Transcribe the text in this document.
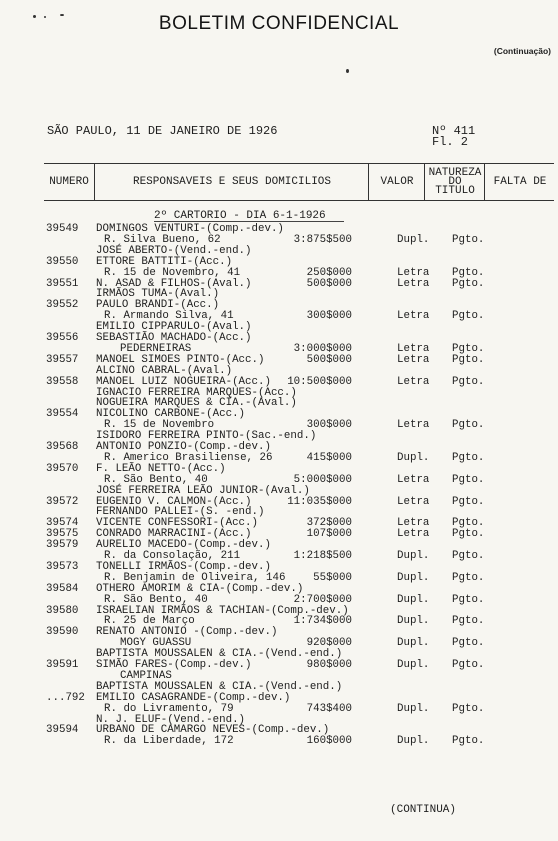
BOLETIM CONFIDENCIAL
(Continuação)
SÃO PAULO, 11 DE JANEIRO DE 1926	Nº 411
Fl. 2
NUMERO	RESPONSAVEIS E SEUS DOMICILIOS	VALOR
NATUREZA
DO
TITULO
FALTA DE
2º CARTORIO - DIA 6-1-1926
39549 DOMINGOS VENTURI-(Comp.-dev.)
R. Silva Bueno, 62	3:875$500	Dupl. Pgto.
JOSÉ ABERTO-(Vend.-end.)
39550 ETTORE BATTITI-(Acc.)
R. 15 de Novembro, 41	250$000	Letra Pgto.
39551 N. ASAD & FILHOS-(Aval.)	500$000	Letra Pgto.
IRMÃOS TUMA-(Aval.)
39552 PAULO BRANDI-(Acc.)
R. Armando Silva, 41	300$000	Letra Pgto.
EMILIO CIPPARULO-(Aval.)
39556 SEBASTIÃO MACHADO-(Acc.)
PEDERNEIRAS	3:000$000	Letra Pgto.
39557 MANOEL SIMOES PINTO-(Acc.)	500$000	Letra Pgto.
ALCINO CABRAL-(Aval.)
39558 MANOEL LUIZ NOGUEIRA-(Acc.) 10:500$000	Letra Pgto.
IGNACIO FERREIRA MARQUES-(Acc.)
NOGUEIRA MARQUES & CIA.-(Aval.)
39554 NICOLINO CARBONE-(Acc.)
R. 15 de Novembro	300$000	Letra Pgto.
ISIDORO FERREIRA PINTO-(Sac.-end.)
39568 ANTONIO PONZIO-(Comp.-dev.)
R. Americo Brasiliense, 26	415$000	Dupl. Pgto.
39570 F. LEÃO NETTO-(Acc.)
R. São Bento, 40	5:000$000	Letra Pgto.
JOSÉ FERREIRA LEÃO JUNIOR-(Aval.)
39572 EUGENIO V. CALMON-(Acc.)	11:035$000	Letra Pgto.
FERNANDO PALLEI-(S. -end.)
39574 VICENTE CONFESSORI-(Acc.)	372$000	Letra Pgto.
39575 CONRADO MARRACINI-(Acc.)	107$000	Letra Pgto.
39579 AURELIO MACEDO-(Comp.-dev.)
R. da Consolação, 211	1:218$500	Dupl. Pgto.
39573 TONELLI IRMÃOS-(Comp.-dev.)
R. Benjamin de Oliveira, 146	55$000	Dupl. Pgto.
39584 OTHERO AMORIM & CIA-(Comp.-dev.)
R. São Bento, 40	2:700$000	Dupl. Pgto.
39580 ISRAELIAN IRMÃOS & TACHIAN-(Comp.-dev.)
R. 25 de Março	1:734$000	Dupl. Pgto.
39590 RENATO ANTONIO -(Comp.-dev.)
MOGY GUASSU	920$000	Dupl. Pgto.
BAPTISTA MOUSSALEN & CIA.-(Vend.-end.)
39591 SIMÃO FARES-(Comp.-dev.)	980$000	Dupl. Pgto.
CAMPINAS
BAPTISTA MOUSSALEN & CIA.-(Vend.-end.)
...792 EMILIO CASAGRANDE-(Comp.-dev.)
R. do Livramento, 79	743$400	Dupl. Pgto.
N. J. ELUF-(Vend.-end.)
39594 URBANO DE CAMARGO NEVES-(Comp.-dev.)
R. da Liberdade, 172	160$000	Dupl. Pgto.
(CONTINUA)
